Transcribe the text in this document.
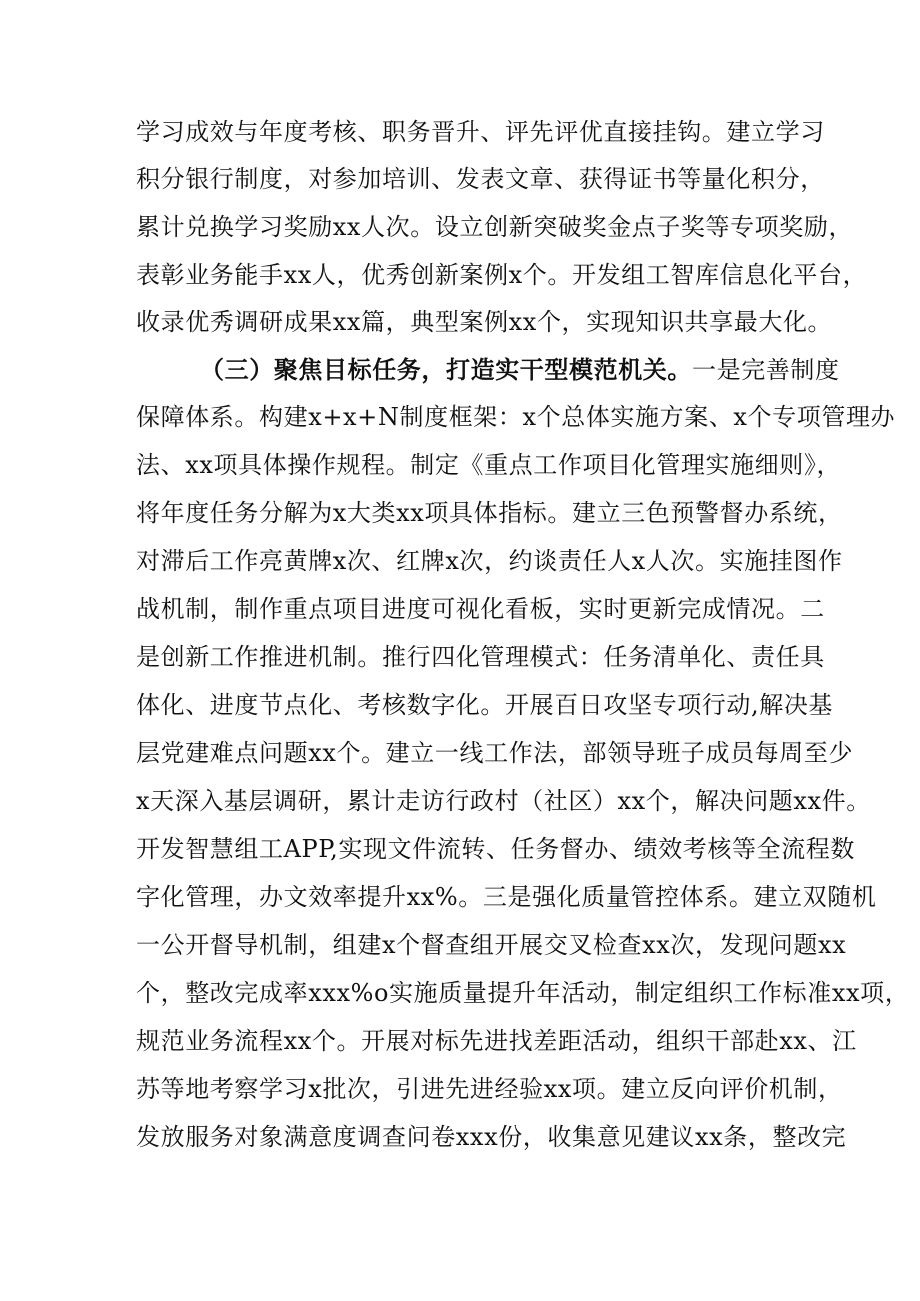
学习成效与年度考核、职务晋升、评先评优直接挂钩。建立学习
积分银行制度，对参加培训、发表文章、获得证书等量化积分，
累计兑换学习奖励xx人次。设立创新突破奖金点子奖等专项奖励，
表彰业务能手xx人，优秀创新案例x个。开发组工智库信息化平台，
收录优秀调研成果xx篇，典型案例xx个，实现知识共享最大化。
（三）聚焦目标任务，打造实干型模范机关。一是完善制度
保障体系。构建x+x+N制度框架：x个总体实施方案、x个专项管理办
法、xx项具体操作规程。制定《重点工作项目化管理实施细则》，
将年度任务分解为x大类xx项具体指标。建立三色预警督办系统，
对滞后工作亮黄牌x次、红牌x次，约谈责任人x人次。实施挂图作
战机制，制作重点项目进度可视化看板，实时更新完成情况。二
是创新工作推进机制。推行四化管理模式：任务清单化、责任具
体化、进度节点化、考核数字化。开展百日攻坚专项行动,解决基
层党建难点问题xx个。建立一线工作法，部领导班子成员每周至少
x天深入基层调研，累计走访行政村（社区）xx个，解决问题xx件。
开发智慧组工APP,实现文件流转、任务督办、绩效考核等全流程数
字化管理，办文效率提升xx%。三是强化质量管控体系。建立双随机
一公开督导机制，组建x个督查组开展交叉检查xx次，发现问题xx
个，整改完成率xxx%o实施质量提升年活动，制定组织工作标准xx项，
规范业务流程xx个。开展对标先进找差距活动，组织干部赴xx、江
苏等地考察学习x批次，引进先进经验xx项。建立反向评价机制，
发放服务对象满意度调查问卷xxx份，收集意见建议xx条，整改完
